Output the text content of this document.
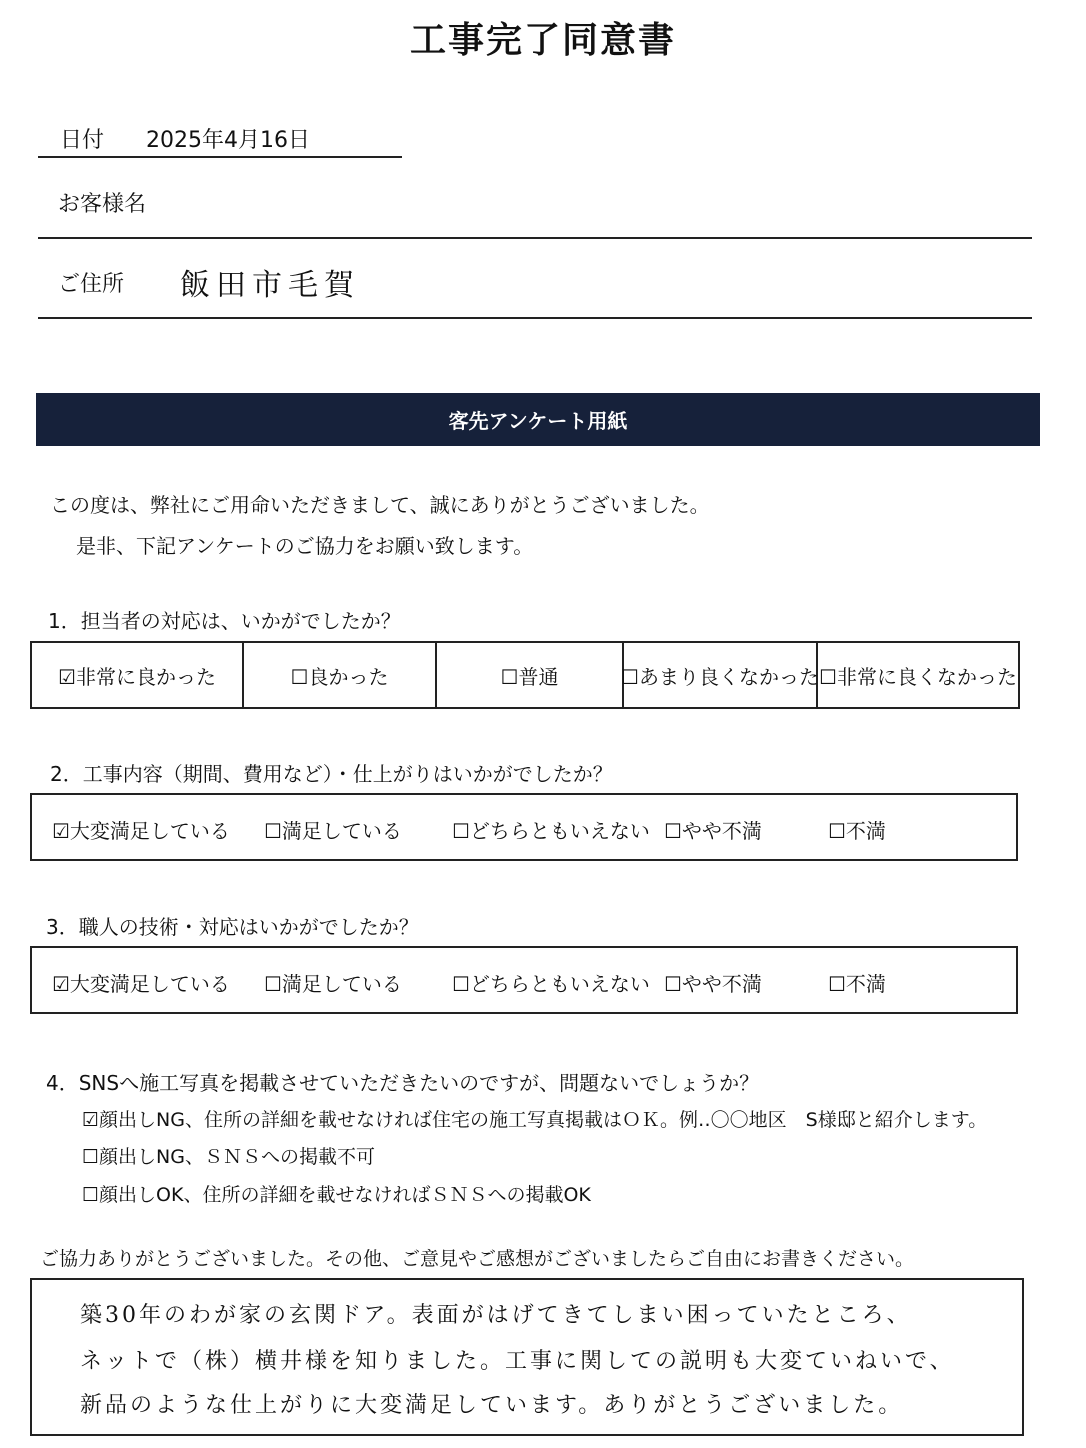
工事完了同意書
日付 2025年4月16日
お客様名
ご住所 飯田市毛賀
客先アンケート用紙
この度は、弊社にご用命いただきまして、誠にありがとうございました。
是非、下記アンケートのご協力をお願い致します。
1．担当者の対応は、いかがでしたか？
☑非常に良かった	☐良かった	☐普通	☐あまり良くなかった ☐非常に良くなかった
2．工事内容（期間、費用など）・仕上がりはいかがでしたか？
☑大変満足している ☐満足している	☐どちらともいえない ☐やや不満	☐不満
3．職人の技術・対応はいかがでしたか？
☑大変満足している ☐満足している	☐どちらともいえない ☐やや不満	☐不満
4．SNSへ施工写真を掲載させていただきたいのですが、問題ないでしょうか？
☑顔出しNG、住所の詳細を載せなければ住宅の施工写真掲載はＯＫ。例‥〇〇地区　S様邸と紹介します。
☐顔出しNG、ＳＮＳへの掲載不可
☐顔出しOK、住所の詳細を載せなければＳＮＳへの掲載OK
ご協力ありがとうございました。その他、ご意見やご感想がございましたらご自由にお書きください。
築30年のわが家の玄関ドア。表面がはげてきてしまい困っていたところ、
ネットで（株）横井様を知りました。工事に関しての説明も大変ていねいで、
新品のような仕上がりに大変満足しています。ありがとうございました。
